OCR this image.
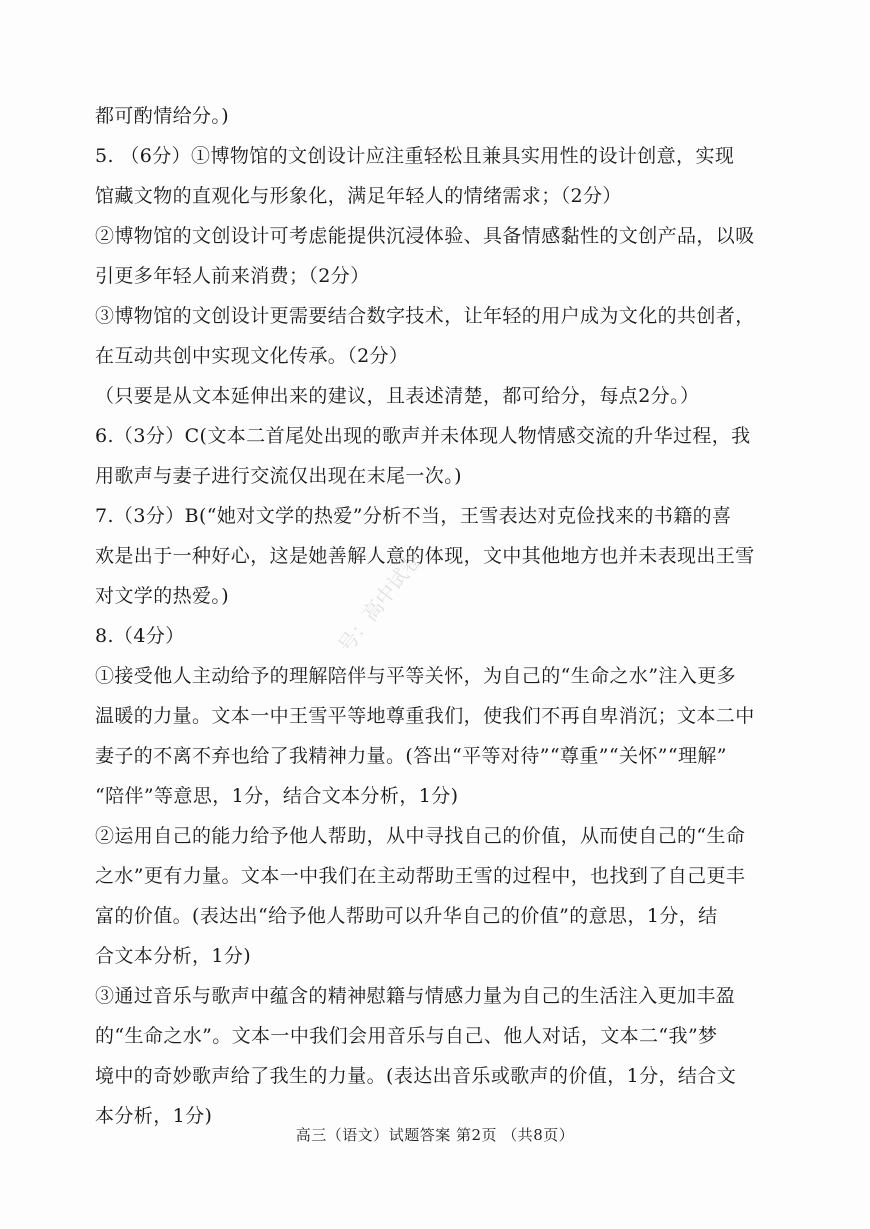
都可酌情给分。)
5. （6分）①博物馆的文创设计应注重轻松且兼具实用性的设计创意，实现
馆藏文物的直观化与形象化，满足年轻人的情绪需求；（2分）
②博物馆的文创设计可考虑能提供沉浸体验、具备情感黏性的文创产品，以吸
引更多年轻人前来消费；（2分）
③博物馆的文创设计更需要结合数字技术，让年轻的用户成为文化的共创者，
在互动共创中实现文化传承。（2分）
（只要是从文本延伸出来的建议，且表述清楚，都可给分，每点2分。）
6.（3分）C(文本二首尾处出现的歌声并未体现人物情感交流的升华过程，我
用歌声与妻子进行交流仅出现在末尾一次。)
7.（3分）B(“她对文学的热爱”分析不当，王雪表达对克俭找来的书籍的喜
欢是出于一种好心，这是她善解人意的体现，文中其他地方也并未表现出王雪
对文学的热爱。)
8.（4分）
①接受他人主动给予的理解陪伴与平等关怀，为自己的“生命之水”注入更多
温暖的力量。文本一中王雪平等地尊重我们，使我们不再自卑消沉；文本二中
妻子的不离不弃也给了我精神力量。(答出“平等对待”“尊重”“关怀”“理解”
“陪伴”等意思，1分，结合文本分析，1分)
②运用自己的能力给予他人帮助，从中寻找自己的价值，从而使自己的“生命
之水”更有力量。文本一中我们在主动帮助王雪的过程中，也找到了自己更丰
富的价值。(表达出“给予他人帮助可以升华自己的价值”的意思，1分，结
合文本分析，1分)
③通过音乐与歌声中蕴含的精神慰籍与情感力量为自己的生活注入更加丰盈
的“生命之水”。文本一中我们会用音乐与自己、他人对话，文本二“我”梦
境中的奇妙歌声给了我生的力量。(表达出音乐或歌声的价值，1分，结合文
本分析，1分)
号：高中试卷
高三（语文）试题答案 第2页 （共8页）
